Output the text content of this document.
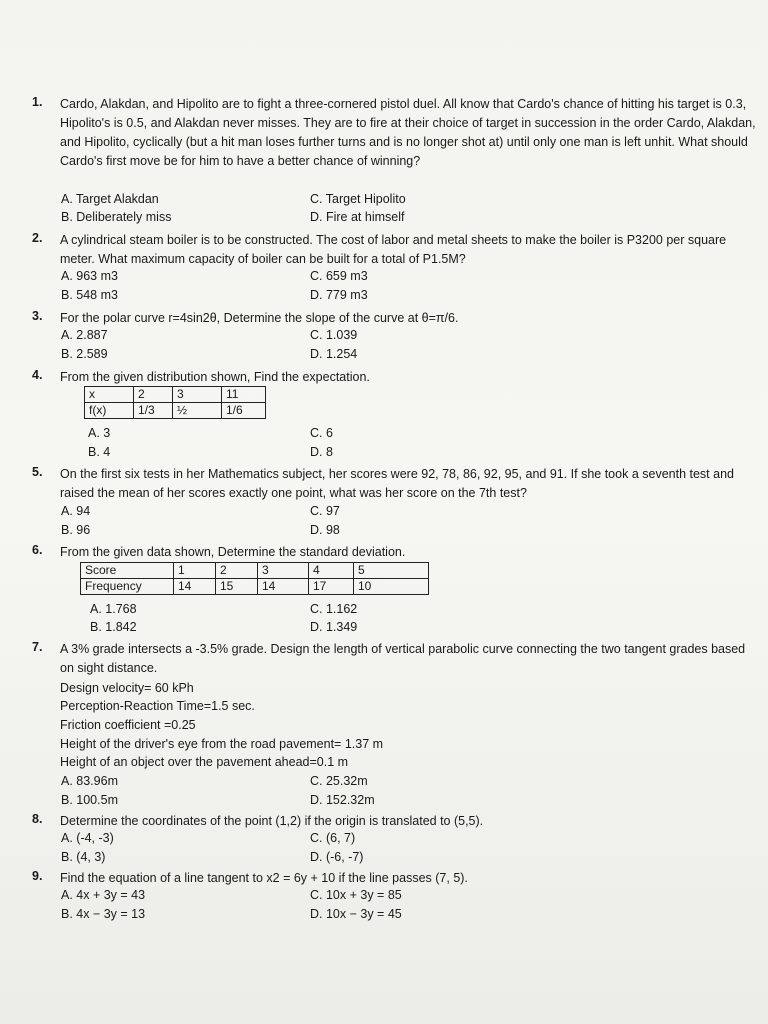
1. Cardo, Alakdan, and Hipolito are to fight a three-cornered pistol duel. All know that Cardo's chance of hitting his target is 0.3, Hipolito's is 0.5, and Alakdan never misses. They are to fire at their choice of target in succession in the order Cardo, Alakdan, and Hipolito, cyclically (but a hit man loses further turns and is no longer shot at) until only one man is left unhit. What should Cardo's first move be for him to have a better chance of winning?
A. Target Alakdan	C. Target Hipolito
B. Deliberately miss	D. Fire at himself
2. A cylindrical steam boiler is to be constructed. The cost of labor and metal sheets to make the boiler is P3200 per square meter. What maximum capacity of boiler can be built for a total of P1.5M?
A. 963 m3	C. 659 m3
B. 548 m3	D. 779 m3
3. For the polar curve r=4sin2θ, Determine the slope of the curve at θ=π/6.
A. 2.887	C. 1.039
B. 2.589	D. 1.254
4. From the given distribution shown, Find the expectation.
x	2	3	11
f(x)	1/3	½	1/6
A. 3	C. 6
B. 4	D. 8
5. On the first six tests in her Mathematics subject, her scores were 92, 78, 86, 92, 95, and 91. If she took a seventh test and raised the mean of her scores exactly one point, what was her score on the 7th test?
A. 94	C. 97
B. 96	D. 98
6. From the given data shown, Determine the standard deviation.
Score	1	2	3	4	5
Frequency	14	15	14	17	10
A. 1.768	C. 1.162
B. 1.842	D. 1.349
7. A 3% grade intersects a -3.5% grade. Design the length of vertical parabolic curve connecting the two tangent grades based on sight distance.
Design velocity= 60 kPh
Perception-Reaction Time=1.5 sec.
Friction coefficient =0.25
Height of the driver's eye from the road pavement= 1.37 m
Height of an object over the pavement ahead=0.1 m
A. 83.96m	C. 25.32m
B. 100.5m	D. 152.32m
8. Determine the coordinates of the point (1,2) if the origin is translated to (5,5).
A. (-4, -3)	C. (6, 7)
B. (4, 3)	D. (-6, -7)
9. Find the equation of a line tangent to x2 = 6y + 10 if the line passes (7, 5).
A. 4x + 3y = 43	C. 10x + 3y = 85
B. 4x − 3y = 13	D. 10x − 3y = 45
